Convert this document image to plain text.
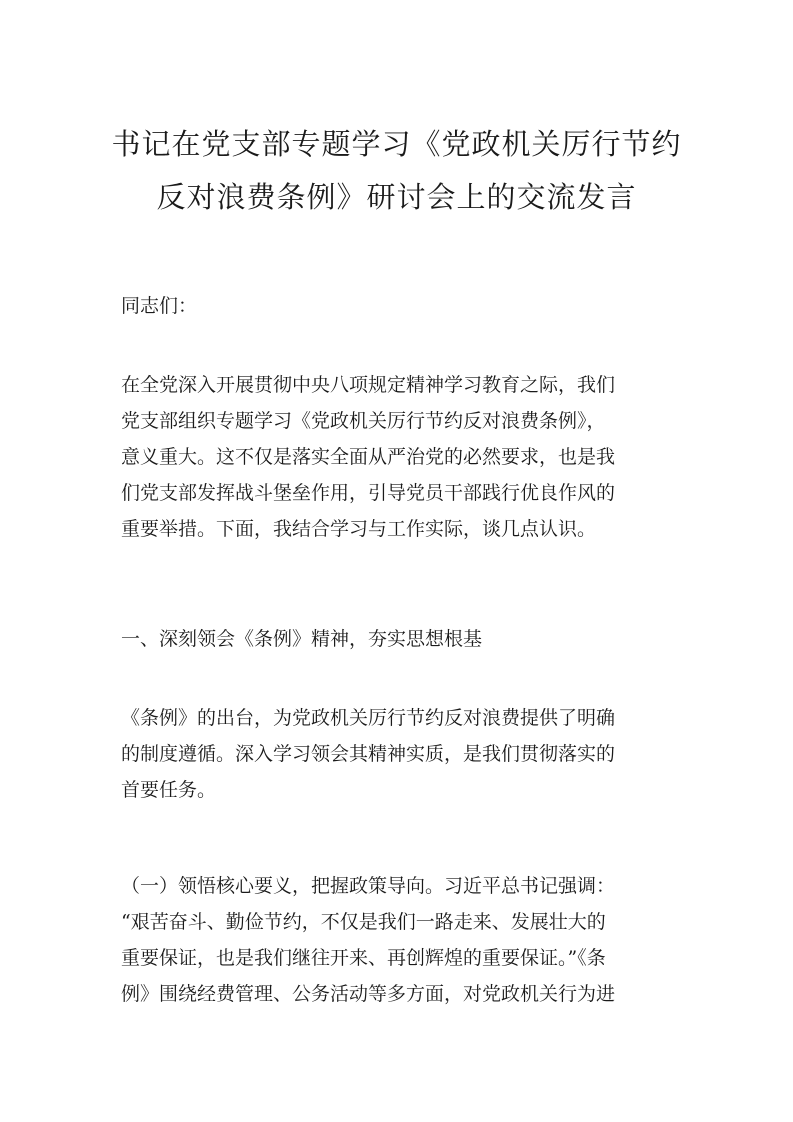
书记在党支部专题学习《党政机关厉行节约
反对浪费条例》研讨会上的交流发言

同志们：

在全党深入开展贯彻中央八项规定精神学习教育之际，我们
党支部组织专题学习《党政机关厉行节约反对浪费条例》，
意义重大。这不仅是落实全面从严治党的必然要求，也是我
们党支部发挥战斗堡垒作用，引导党员干部践行优良作风的
重要举措。下面，我结合学习与工作实际，谈几点认识。

一、深刻领会《条例》精神，夯实思想根基

《条例》的出台，为党政机关厉行节约反对浪费提供了明确
的制度遵循。深入学习领会其精神实质，是我们贯彻落实的
首要任务。
（一）领悟核心要义，把握政策导向。习近平总书记强调：
“艰苦奋斗、勤俭节约，不仅是我们一路走来、发展壮大的
重要保证，也是我们继往开来、再创辉煌的重要保证。”《条
例》围绕经费管理、公务活动等多方面，对党政机关行为进
